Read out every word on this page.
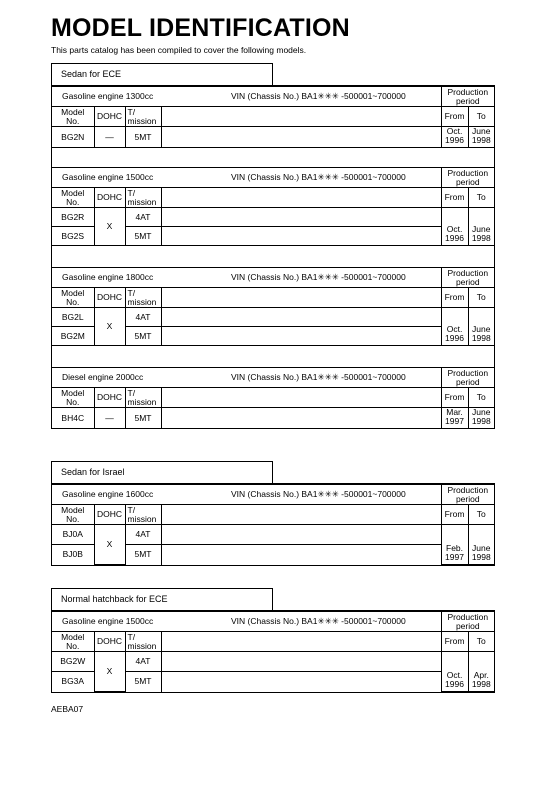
MODEL IDENTIFICATION
This parts catalog has been compiled to cover the following models.
Sedan for ECE
Gasoline engine 1300cc			VIN (Chassis No.) BA1✳✳✳ -500001~700000	Production
period	
Model
No.	DOHC	T/
mission		From	To
BG2N	—	5MT		Oct.
1996	June
1998

Gasoline engine 1500cc			VIN (Chassis No.) BA1✳✳✳ -500001~700000	Production
period	
Model
No.	DOHC	T/
mission		From	To
BG2R	X	4AT		Oct.
1996	June
1998
BG2S		5MT			

Gasoline engine 1800cc			VIN (Chassis No.) BA1✳✳✳ -500001~700000	Production
period	
Model
No.	DOHC	T/
mission		From	To
BG2L	X	4AT		Oct.
1996	June
1998
BG2M		5MT			

Diesel engine 2000cc			VIN (Chassis No.) BA1✳✳✳ -500001~700000	Production
period	
Model
No.	DOHC	T/
mission		From	To
BH4C	—	5MT		Mar.
1997	June
1998
Sedan for Israel
Gasoline engine 1600cc			VIN (Chassis No.) BA1✳✳✳ -500001~700000	Production
period	
Model
No.	DOHC	T/
mission		From	To
BJ0A	X	4AT		Feb.
1997	June
1998
BJ0B		5MT			
Normal hatchback for ECE
Gasoline engine 1500cc			VIN (Chassis No.) BA1✳✳✳ -500001~700000	Production
period	
Model
No.	DOHC	T/
mission		From	To
BG2W	X	4AT		Oct.
1996	Apr.
1998
BG3A		5MT			
AEBA07
